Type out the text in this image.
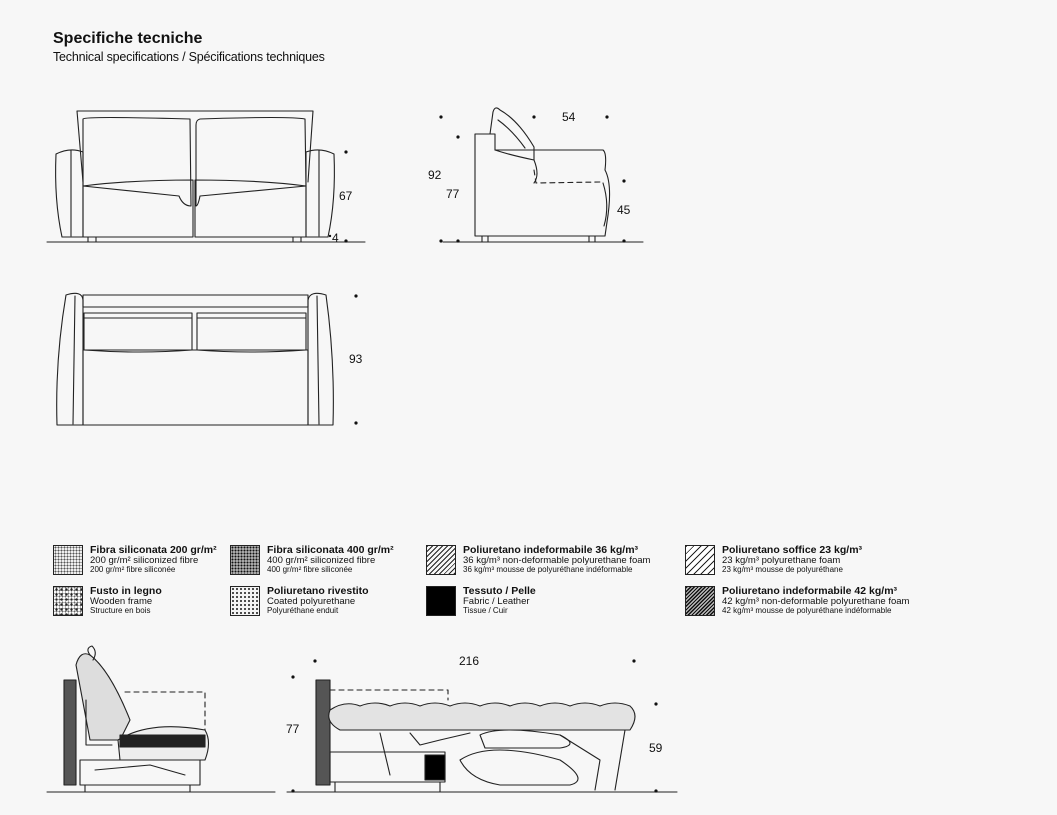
Specifiche tecniche
Technical specifications / Spécifications techniques
67
4
54
92
77
45
93
216
77
59
Fibra siliconata 200 gr/m²
200 gr/m² siliconized fibre
200 gr/m² fibre siliconée
Fibra siliconata 400 gr/m²
400 gr/m² siliconized fibre
400 gr/m² fibre siliconée
Poliuretano indeformabile 36 kg/m³
36 kg/m³ non-deformable polyurethane foam
36 kg/m³ mousse de polyuréthane indéformable
Poliuretano soffice 23 kg/m³
23 kg/m³ polyurethane foam
23 kg/m³ mousse de polyuréthane
Fusto in legno
Wooden frame
Structure en bois
Poliuretano rivestito
Coated polyurethane
Polyuréthane enduit
Tessuto / Pelle
Fabric / Leather
Tissue / Cuir
Poliuretano indeformabile 42 kg/m³
42 kg/m³ non-deformable polyurethane foam
42 kg/m³ mousse de polyuréthane indéformable
